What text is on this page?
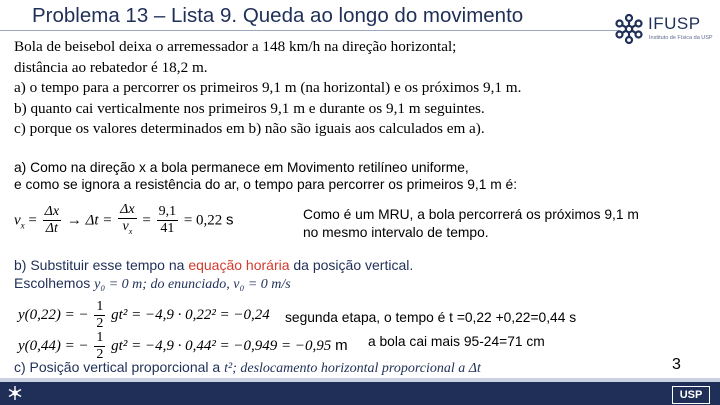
Problema 13 – Lista 9. Queda ao longo do movimento	IFUSP
Instituto de Física da USP
Bola de beisebol deixa o arremessador a 148 km/h na direção horizontal;
distância ao rebatedor é 18,2 m.
a) o tempo para a percorrer os primeiros 9,1 m (na horizontal) e os próximos 9,1 m.
b) quanto cai verticalmente nos primeiros 9,1 m e durante os 9,1 m seguintes.
c) porque os valores determinados em b) não são iguais aos calculados em a).
a) Como na direção x a bola permanece em Movimento retilíneo uniforme,
e como se ignora a resistência do ar, o tempo para percorrer os primeiros 9,1 m é:
$v_x = \frac{\Delta x}{\Delta t} \to \Delta t = \frac{\Delta x}{v_x} = \frac{9,1}{41} = 0,22$ s	Como é um MRU, a bola percorrerá os próximos 9,1 m
no mesmo intervalo de tempo.
b) Substituir esse tempo na equação horária da posição vertical.
Escolhemos y₀ = 0 m; do enunciado, v₀ = 0 m/s
y(0,22) = − $\frac{1}{2} gt^2 = -4,9 \cdot 0,22^2 = -0,24$ segunda etapa, o tempo é t =0,22 +0,22=0,44 s
y(0,44) = − $\frac{1}{2} gt^2 = -4,9 \cdot 0,44^2 = -0,949 = -0,95$ m a bola cai mais 95-24=71 cm
c) Posição vertical proporcional a t²; deslocamento horizontal proporcional a Δt	3
USP
